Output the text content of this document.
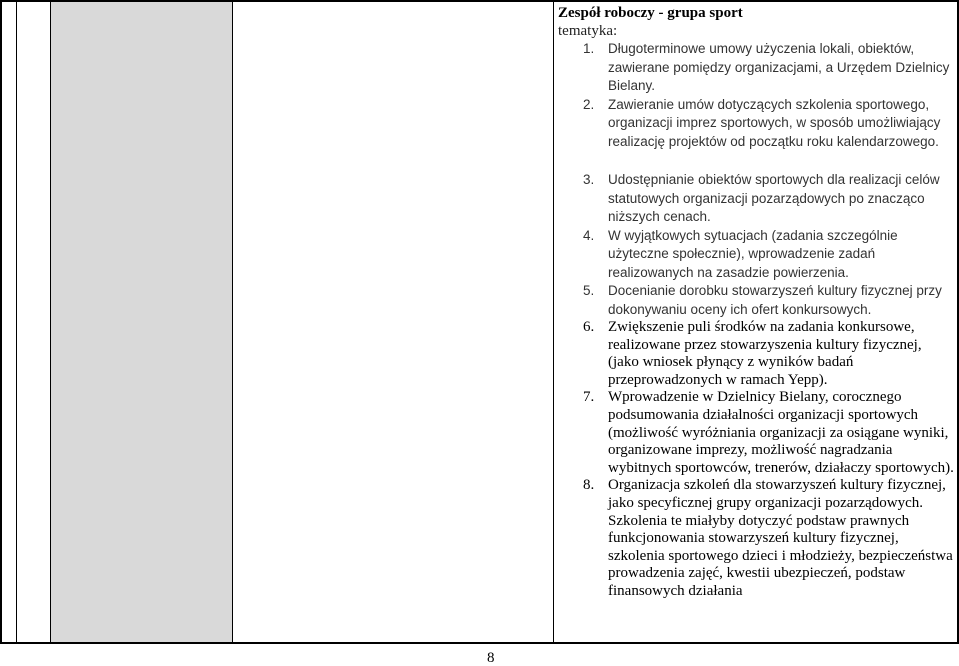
Zespół roboczy - grupa sport

tematyka:

1. Długoterminowe umowy użyczenia lokali, obiektów, zawierane pomiędzy organizacjami, a Urzędem Dzielnicy Bielany.
2. Zawieranie umów dotyczących szkolenia sportowego, organizacji imprez sportowych, w sposób umożliwiający realizację projektów od początku roku kalendarzowego.
3. Udostępnianie obiektów sportowych dla realizacji celów statutowych organizacji pozarządowych po znacząco niższych cenach.
4. W wyjątkowych sytuacjach (zadania szczególnie użyteczne społecznie), wprowadzenie zadań realizowanych na zasadzie powierzenia.
5. Docenianie dorobku stowarzyszeń kultury fizycznej przy dokonywaniu oceny ich ofert konkursowych.
6. Zwiększenie puli środków na zadania konkursowe, realizowane przez stowarzyszenia kultury fizycznej, (jako wniosek płynący z wyników badań przeprowadzonych w ramach Yepp).
7. Wprowadzenie w Dzielnicy Bielany, corocznego podsumowania działalności organizacji sportowych (możliwość wyróżniania organizacji za osiągane wyniki, organizowane imprezy, możliwość nagradzania wybitnych sportowców, trenerów, działaczy sportowych).
8. Organizacja szkoleń dla stowarzyszeń kultury fizycznej, jako specyficznej grupy organizacji pozarządowych. Szkolenia te miałyby dotyczyć podstaw prawnych funkcjonowania stowarzyszeń kultury fizycznej, szkolenia sportowego dzieci i młodzieży, bezpieczeństwa prowadzenia zajęć, kwestii ubezpieczeń, podstaw finansowych działania
8
